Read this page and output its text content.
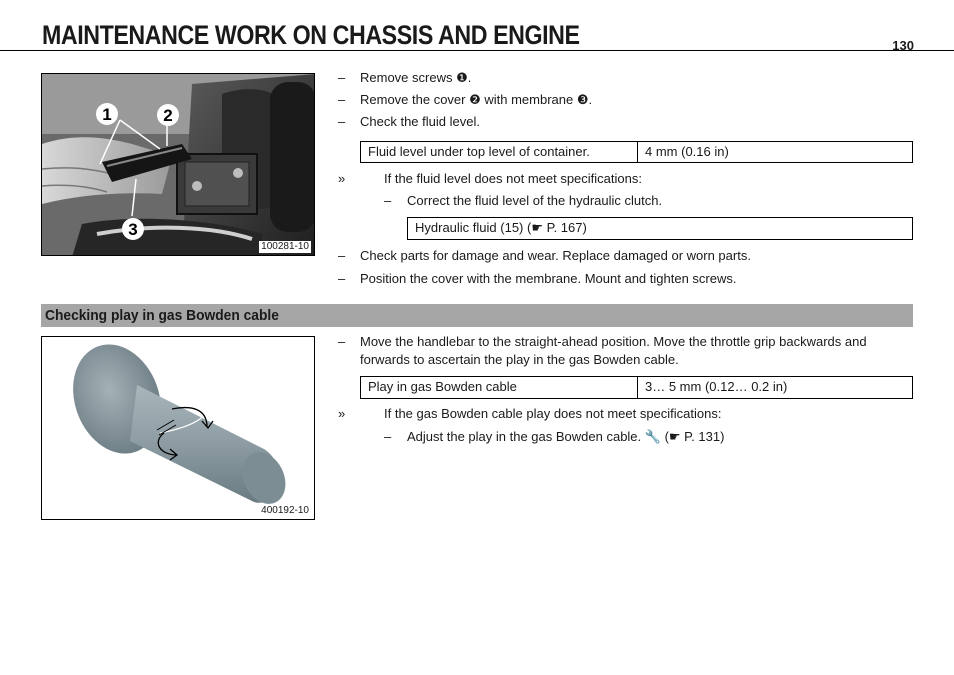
MAINTENANCE WORK ON CHASSIS AND ENGINE	130
1	2
3
100281-10
–	Remove screws ❶.
–	Remove the cover ❷ with membrane ❸.
–	Check the fluid level.
Fluid level under top level of container.	4 mm (0.16 in)
»	If the fluid level does not meet specifications:
–	Correct the fluid level of the hydraulic clutch.
Hydraulic fluid (15) (☛ P. 167)
–	Check parts for damage and wear. Replace damaged or worn parts.
–	Position the cover with the membrane. Mount and tighten screws.
Checking play in gas Bowden cable
400192-10
–	Move the handlebar to the straight-ahead position. Move the throttle grip backwards and forwards to ascertain the play in the gas Bowden cable.
Play in gas Bowden cable	3… 5 mm (0.12… 0.2 in)
»	If the gas Bowden cable play does not meet specifications:
–	Adjust the play in the gas Bowden cable. 🔧 (☛ P. 131)
